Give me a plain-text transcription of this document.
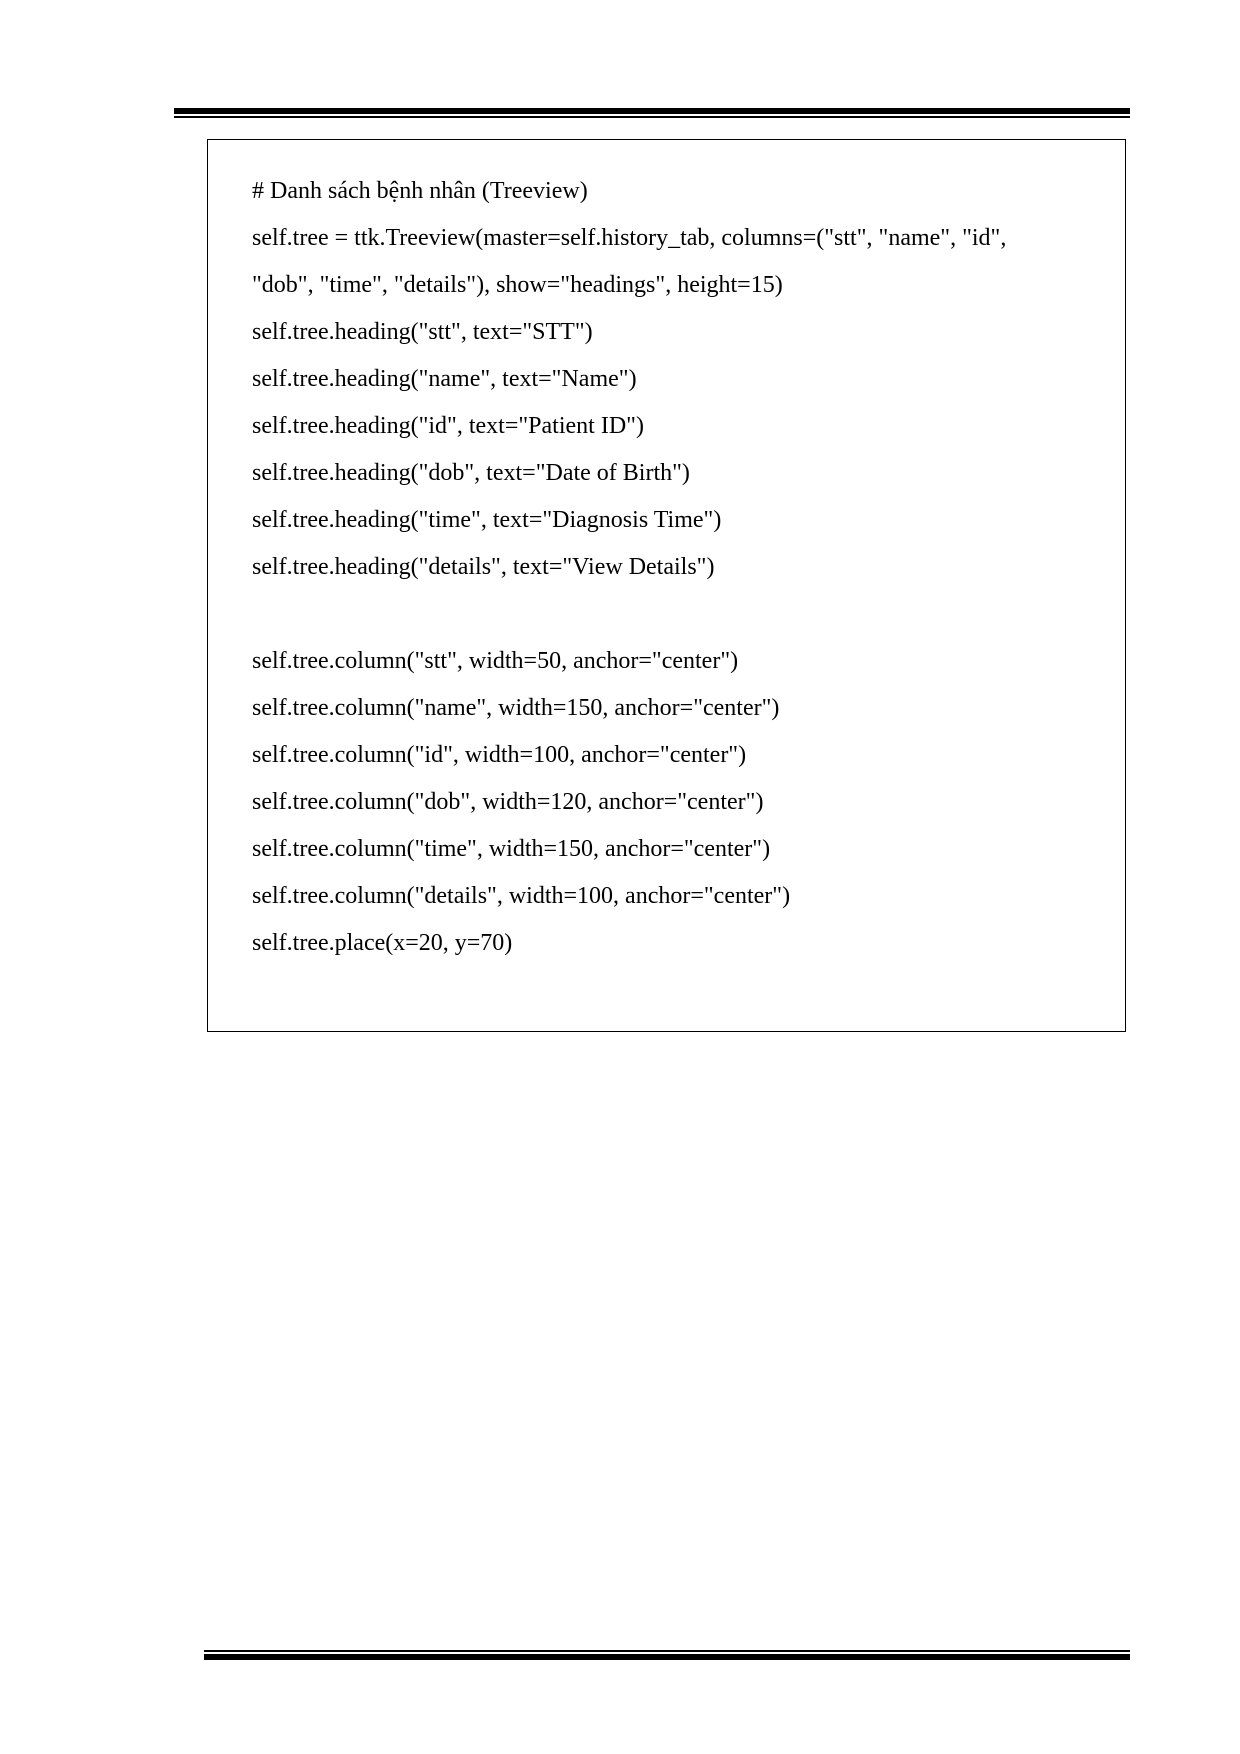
# Danh sách bệnh nhân (Treeview)
self.tree = ttk.Treeview(master=self.history_tab, columns=("stt", "name", "id",
"dob", "time", "details"), show="headings", height=15)
self.tree.heading("stt", text="STT")
self.tree.heading("name", text="Name")
self.tree.heading("id", text="Patient ID")
self.tree.heading("dob", text="Date of Birth")
self.tree.heading("time", text="Diagnosis Time")
self.tree.heading("details", text="View Details")
self.tree.column("stt", width=50, anchor="center")
self.tree.column("name", width=150, anchor="center")
self.tree.column("id", width=100, anchor="center")
self.tree.column("dob", width=120, anchor="center")
self.tree.column("time", width=150, anchor="center")
self.tree.column("details", width=100, anchor="center")
self.tree.place(x=20, y=70)
